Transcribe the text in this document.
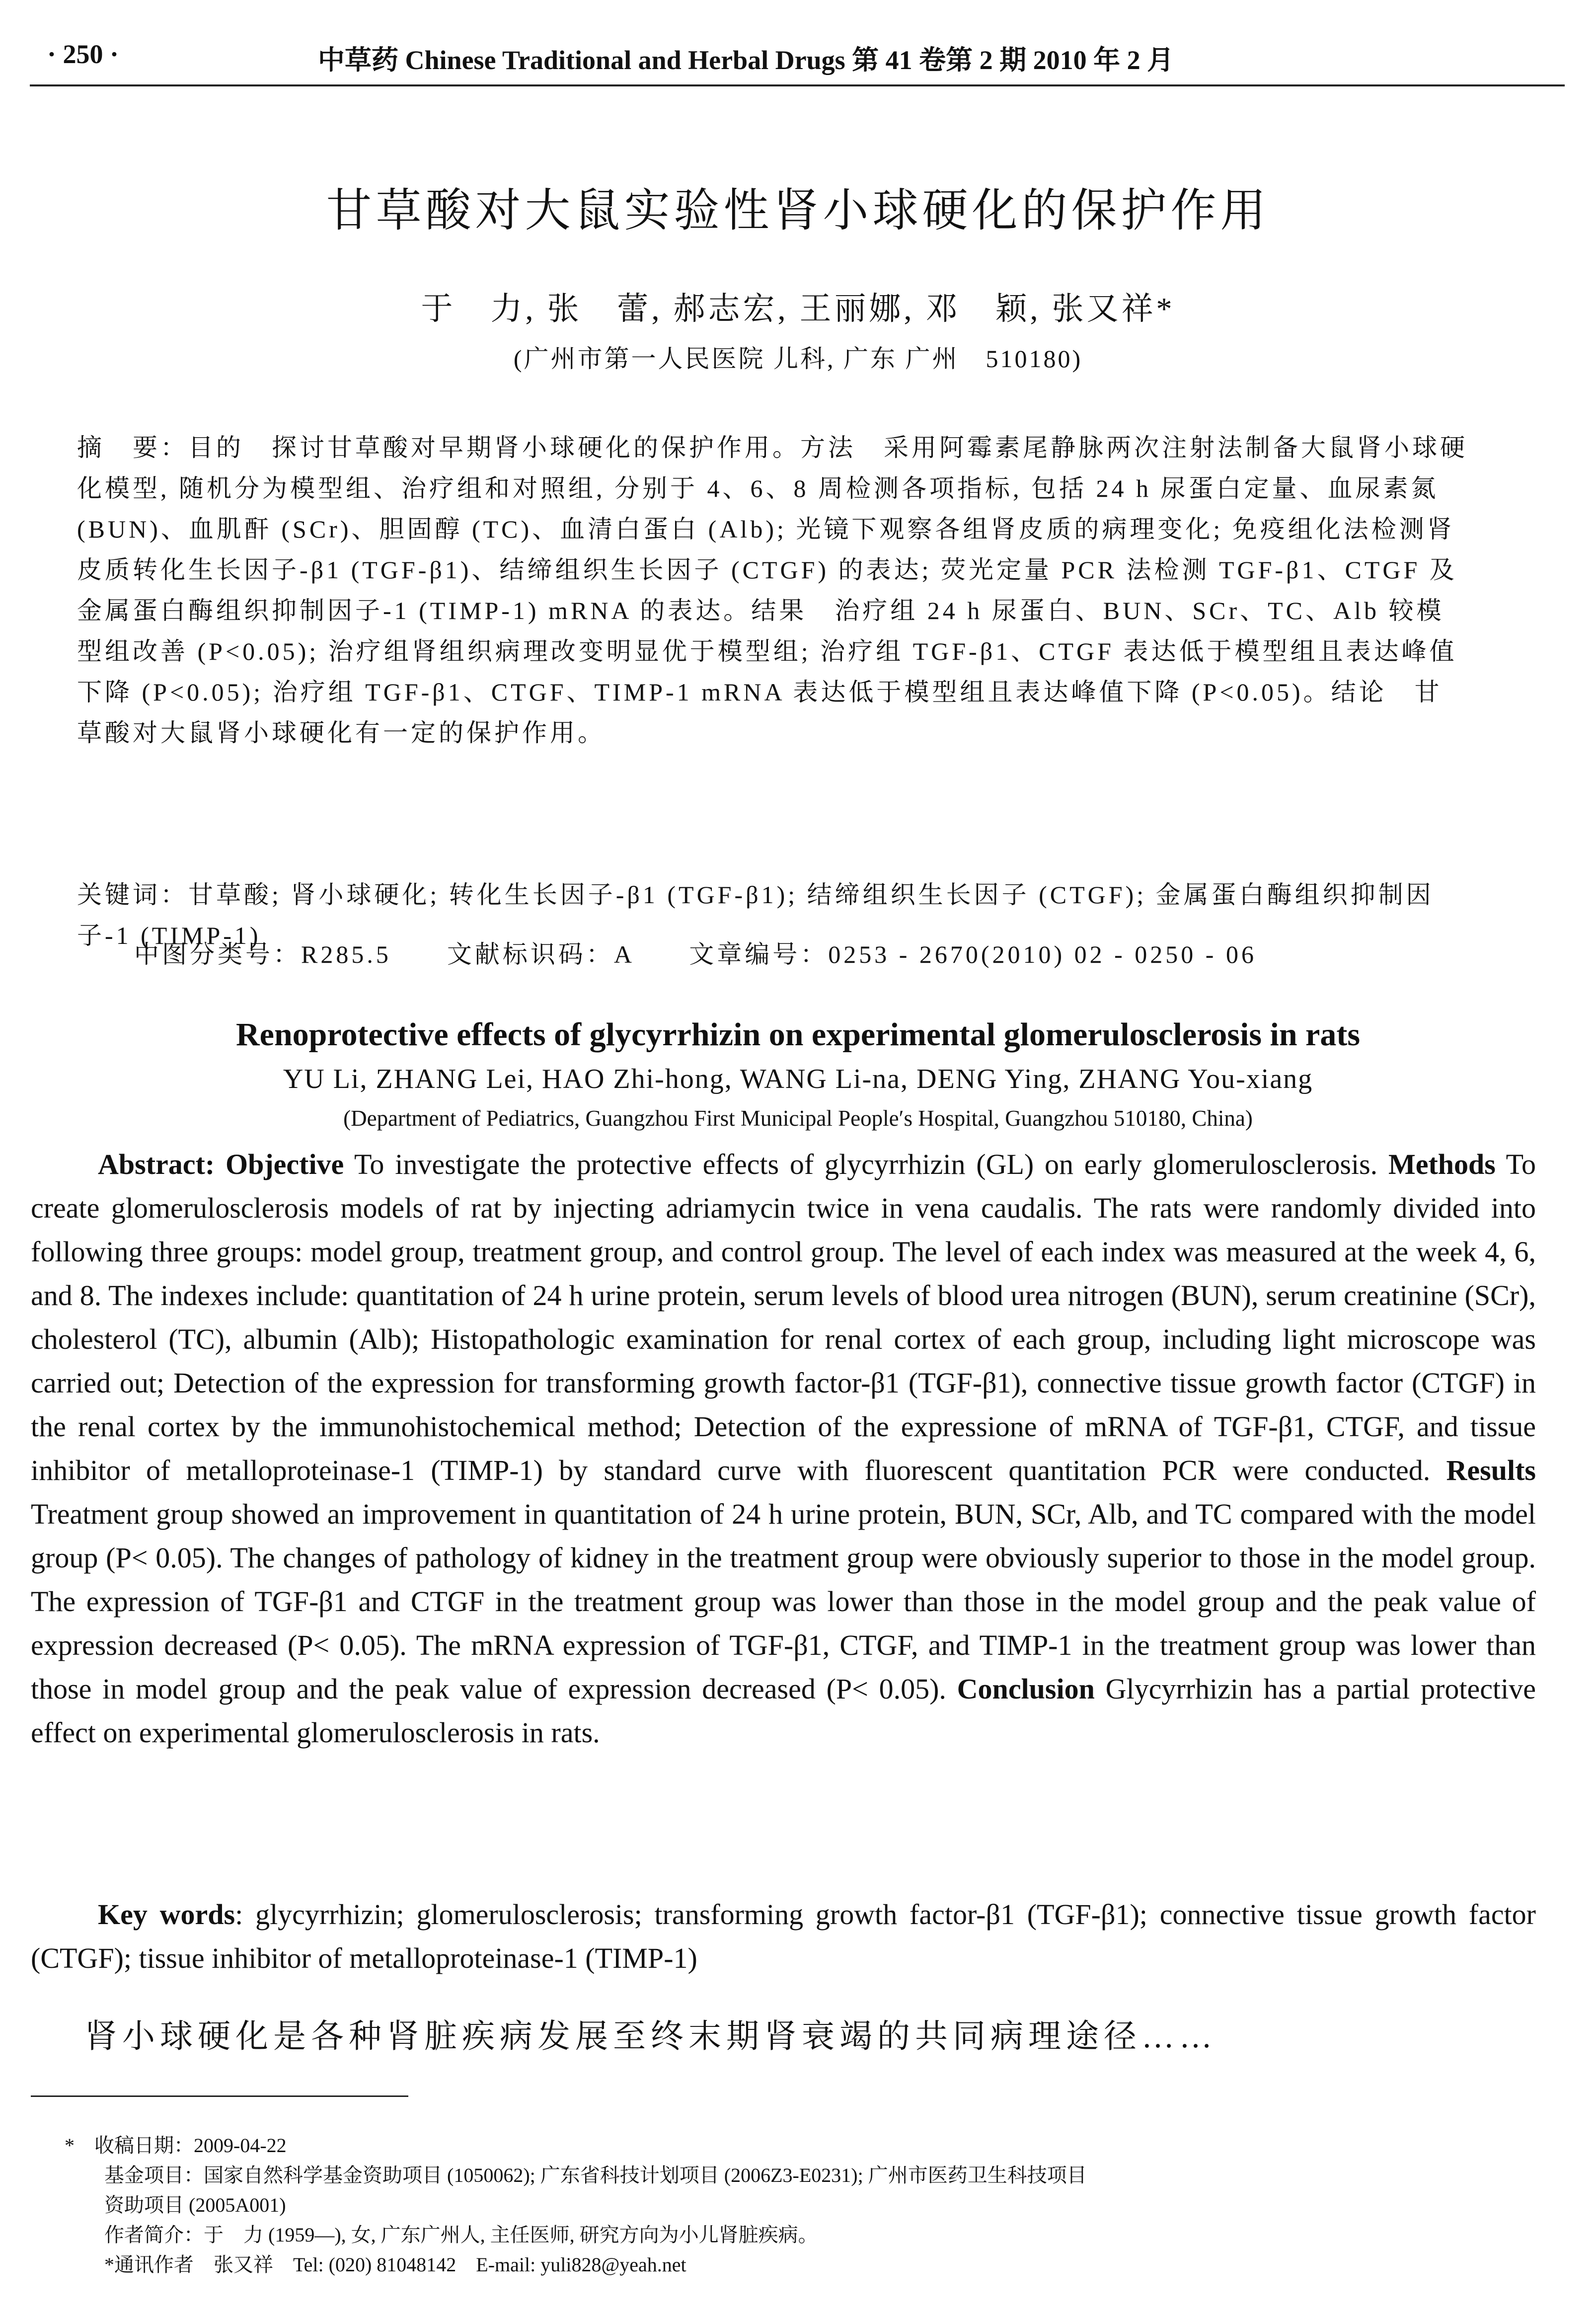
· 250 ·	中草药 Chinese Traditional and Herbal Drugs 第 41 卷第 2 期 2010 年 2 月
甘草酸对大鼠实验性肾小球硬化的保护作用
于　力, 张　蕾, 郝志宏, 王丽娜, 邓　颖, 张又祥*
(广州市第一人民医院 儿科, 广东 广州　510180)
摘　要：目的　探讨甘草酸对早期肾小球硬化的保护作用。方法　采用阿霉素尾静脉两次注射法制备大鼠肾小球硬化模型, 随机分为模型组、治疗组和对照组, 分别于 4、6、8 周检测各项指标, 包括 24 h 尿蛋白定量、血尿素氮 (BUN)、血肌酐 (SCr)、胆固醇 (TC)、血清白蛋白 (Alb); 光镜下观察各组肾皮质的病理变化; 免疫组化法检测肾皮质转化生长因子-β1 (TGF-β1)、结缔组织生长因子 (CTGF) 的表达; 荧光定量 PCR 法检测 TGF-β1、CTGF 及金属蛋白酶组织抑制因子-1 (TIMP-1) mRNA 的表达。结果　治疗组 24 h 尿蛋白、BUN、SCr、TC、Alb 较模型组改善 (P<0.05); 治疗组肾组织病理改变明显优于模型组; 治疗组 TGF-β1、CTGF 表达低于模型组且表达峰值下降 (P<0.05); 治疗组 TGF-β1、CTGF、TIMP-1 mRNA 表达低于模型组且表达峰值下降 (P<0.05)。结论　甘草酸对大鼠肾小球硬化有一定的保护作用。
关键词：甘草酸; 肾小球硬化; 转化生长因子-β1 (TGF-β1); 结缔组织生长因子 (CTGF); 金属蛋白酶组织抑制因子-1 (TIMP-1)
中图分类号：R285.5　　文献标识码：A　　文章编号：0253 - 2670(2010) 02 - 0250 - 06
Renoprotective effects of glycyrrhizin on experimental glomerulosclerosis in rats
YU Li, ZHANG Lei, HAO Zhi-hong, WANG Li-na, DENG Ying, ZHANG You-xiang
(Department of Pediatrics, Guangzhou First Municipal People′s Hospital, Guangzhou 510180, China)
Abstract: Objective To investigate the protective effects of glycyrrhizin (GL) on early glomerulosclerosis. Methods To create glomerulosclerosis models of rat by injecting adriamycin twice in vena caudalis. The rats were randomly divided into following three groups: model group, treatment group, and control group. The level of each index was measured at the week 4, 6, and 8. The indexes include: quantitation of 24 h urine protein, serum levels of blood urea nitrogen (BUN), serum creatinine (SCr), cholesterol (TC), albumin (Alb); Histopathologic examination for renal cortex of each group, including light microscope was carried out; Detection of the expression for transforming growth factor-β1 (TGF-β1), connective tissue growth factor (CTGF) in the renal cortex by the immunohistochemical method; Detection of the expressione of mRNA of TGF-β1, CTGF, and tissue inhibitor of metalloproteinase-1 (TIMP-1) by standard curve with fluorescent quantitation PCR were conducted. Results Treatment group showed an improvement in quantitation of 24 h urine protein, BUN, SCr, Alb, and TC compared with the model group (P< 0.05). The changes of pathology of kidney in the treatment group were obviously superior to those in the model group. The expression of TGF-β1 and CTGF in the treatment group was lower than those in the model group and the peak value of expression decreased (P< 0.05). The mRNA expression of TGF-β1, CTGF, and TIMP-1 in the treatment group was lower than those in model group and the peak value of expression decreased (P< 0.05). Conclusion Glycyrrhizin has a partial protective effect on experimental glomerulosclerosis in rats.
Key words: glycyrrhizin; glomerulosclerosis; transforming growth factor-β1 (TGF-β1); connective tissue growth factor (CTGF); tissue inhibitor of metalloproteinase-1 (TIMP-1)
肾小球硬化是各种肾脏疾病发展至终末期肾衰竭的共同病理途径……
*　收稿日期：2009-04-22
基金项目：国家自然科学基金资助项目 (1050062); 广东省科技计划项目 (2006Z3-E0231); 广州市医药卫生科技项目
资助项目 (2005A001)
作者简介：于　力 (1959—), 女, 广东广州人, 主任医师, 研究方向为小儿肾脏疾病。
*通讯作者　张又祥　Tel: (020) 81048142　E-mail: yuli828@yeah.net
